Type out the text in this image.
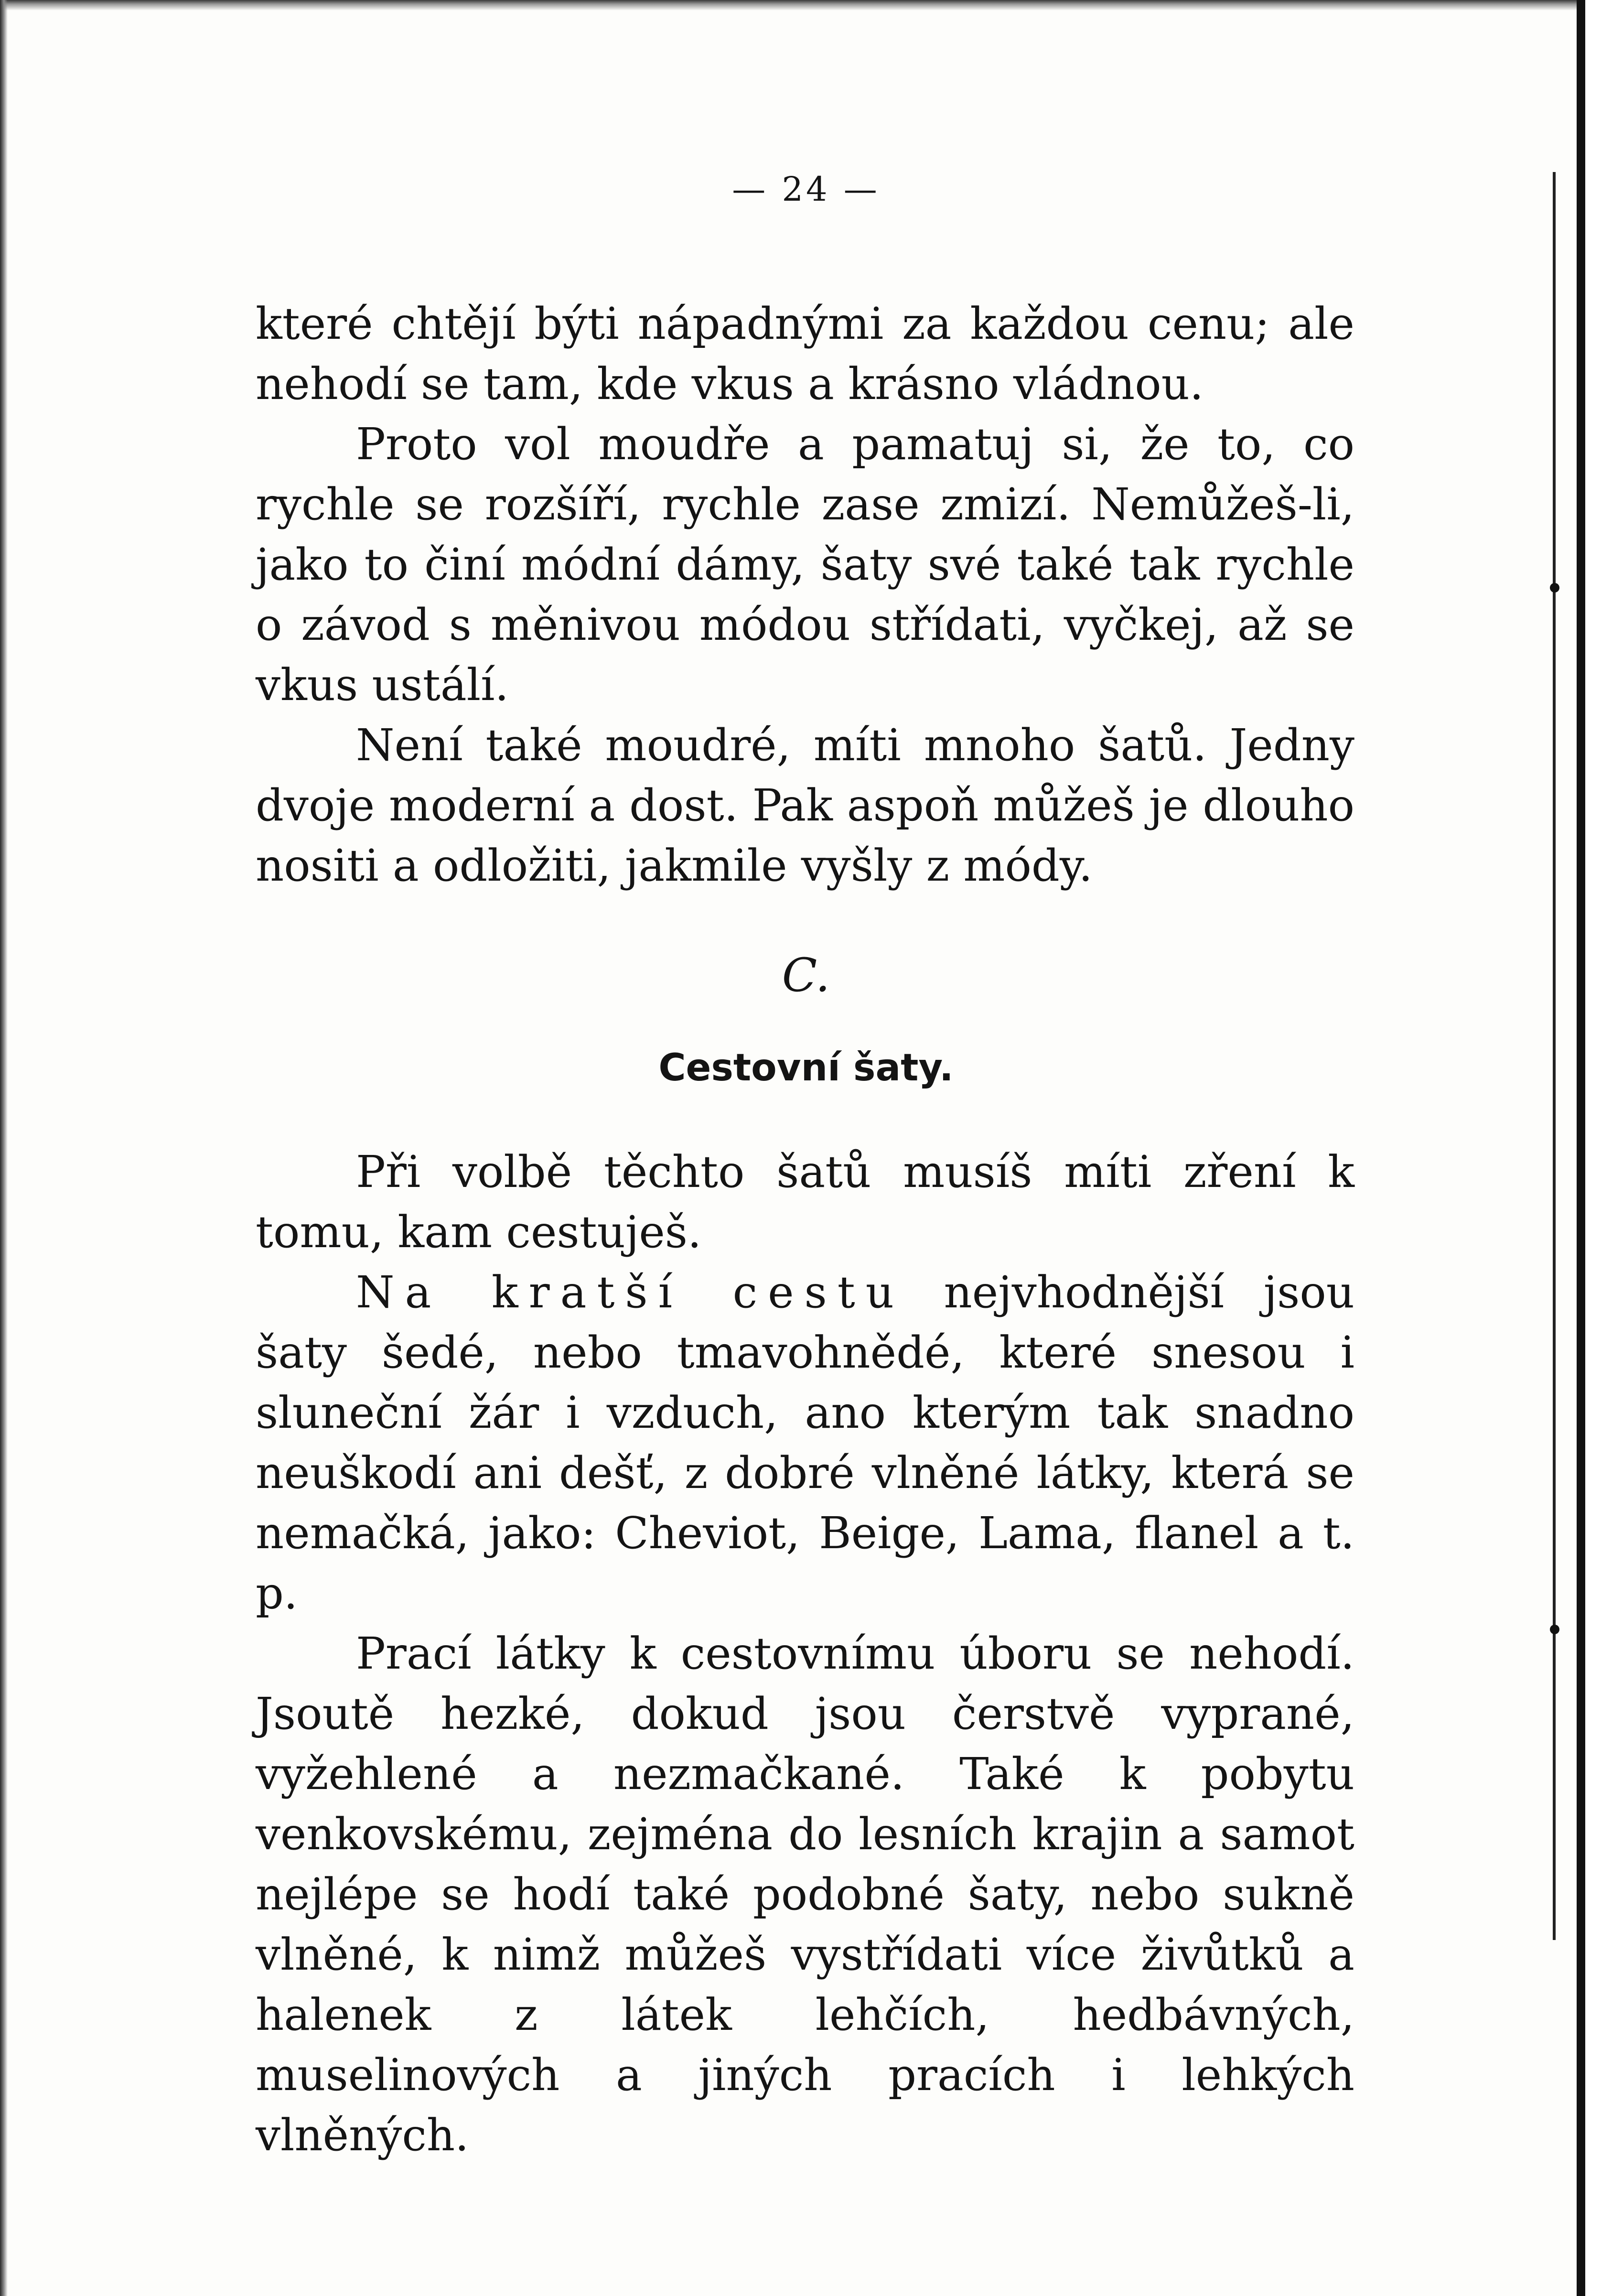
— 24 —

které chtějí býti nápadnými za každou cenu; ale nehodí se tam, kde vkus a krásno vládnou.

Proto vol moudře a pamatuj si, že to, co rychle se rozšíří, rychle zase zmizí. Nemůžeš-li, jako to činí módní dámy, šaty své také tak rychle o závod s měnivou módou střídati, vyčkej, až se vkus ustálí.

Není také moudré, míti mnoho šatů. Jedny dvoje moderní a dost. Pak aspoň můžeš je dlouho nositi a odložiti, jakmile vyšly z módy.

C.
Cestovní šaty.

Při volbě těchto šatů musíš míti zření k tomu, kam cestuješ.

Na kratší cestu nejvhodnější jsou šaty šedé, nebo tmavohnědé, které snesou i sluneční žár i vzduch, ano kterým tak snadno neuškodí ani dešť, z dobré vlněné látky, která se nemačká, jako: Cheviot, Beige, Lama, flanel a t. p.

Prací látky k cestovnímu úboru se nehodí. Jsoutě hezké, dokud jsou čerstvě vyprané, vyžehlené a nezmačkané. Také k pobytu venkovskému, zejména do lesních krajin a samot nejlépe se hodí také podobné šaty, nebo sukně vlněné, k nimž můžeš vystřídati více živůtků a halenek z látek lehčích, hedbávných, muselinových a jiných pracích i lehkých vlněných.
